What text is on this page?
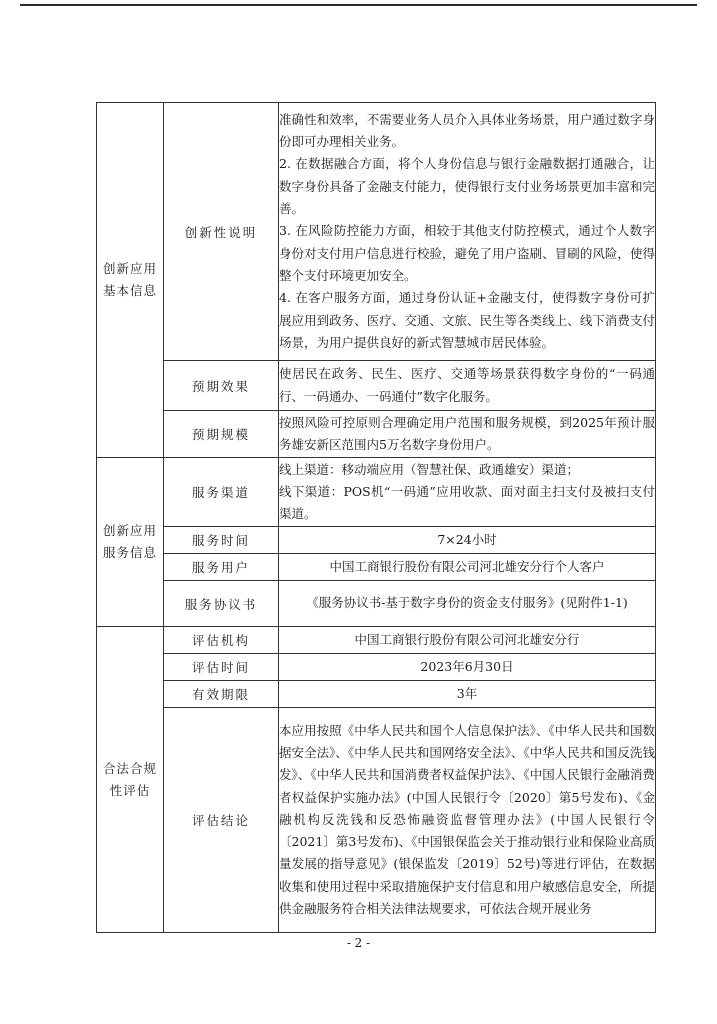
创新应用基本信息	创新性说明	准确性和效率，不需要业务人员介入具体业务场景，用户通过数字身份即可办理相关业务。

2. 在数据融合方面，将个人身份信息与银行金融数据打通融合，让数字身份具备了金融支付能力，使得银行支付业务场景更加丰富和完善。

3. 在风险防控能力方面，相较于其他支付防控模式，通过个人数字身份对支付用户信息进行校验，避免了用户盗刷、冒刷的风险，使得整个支付环境更加安全。

4. 在客户服务方面，通过身份认证+金融支付，使得数字身份可扩展应用到政务、医疗、交通、文旅、民生等各类线上、线下消费支付场景，为用户提供良好的新式智慧城市居民体验。

	预期效果	使居民在政务、民生、医疗、交通等场景获得数字身份的“一码通行、一码通办、一码通付”数字化服务。
	预期规模	按照风险可控原则合理确定用户范围和服务规模，到2025年预计服务雄安新区范围内5万名数字身份用户。
创新应用服务信息	服务渠道	线上渠道：移动端应用（智慧社保、政通雄安）渠道；

线下渠道：POS机“一码通”应用收款、面对面主扫支付及被扫支付渠道。

	服务时间	7×24小时
	服务用户	中国工商银行股份有限公司河北雄安分行个人客户
	服务协议书	《服务协议书-基于数字身份的资金支付服务》(见附件1-1)
合法合规性评估	评估机构	中国工商银行股份有限公司河北雄安分行
	评估时间	2023年6月30日
	有效期限	3年
	评估结论	本应用按照《中华人民共和国个人信息保护法》、《中华人民共和国数据安全法》、《中华人民共和国网络安全法》、《中华人民共和国反洗钱发》、《中华人民共和国消费者权益保护法》、《中国人民银行金融消费者权益保护实施办法》(中国人民银行令〔2020〕第5号发布)、《金融机构反洗钱和反恐怖融资监督管理办法》(中国人民银行令〔2021〕第3号发布)、《中国银保监会关于推动银行业和保险业高质量发展的指导意见》(银保监发〔2019〕52号)等进行评估，在数据收集和使用过程中采取措施保护支付信息和用户敏感信息安全，所提供金融服务符合相关法律法规要求，可依法合规开展业务
- 2 -
